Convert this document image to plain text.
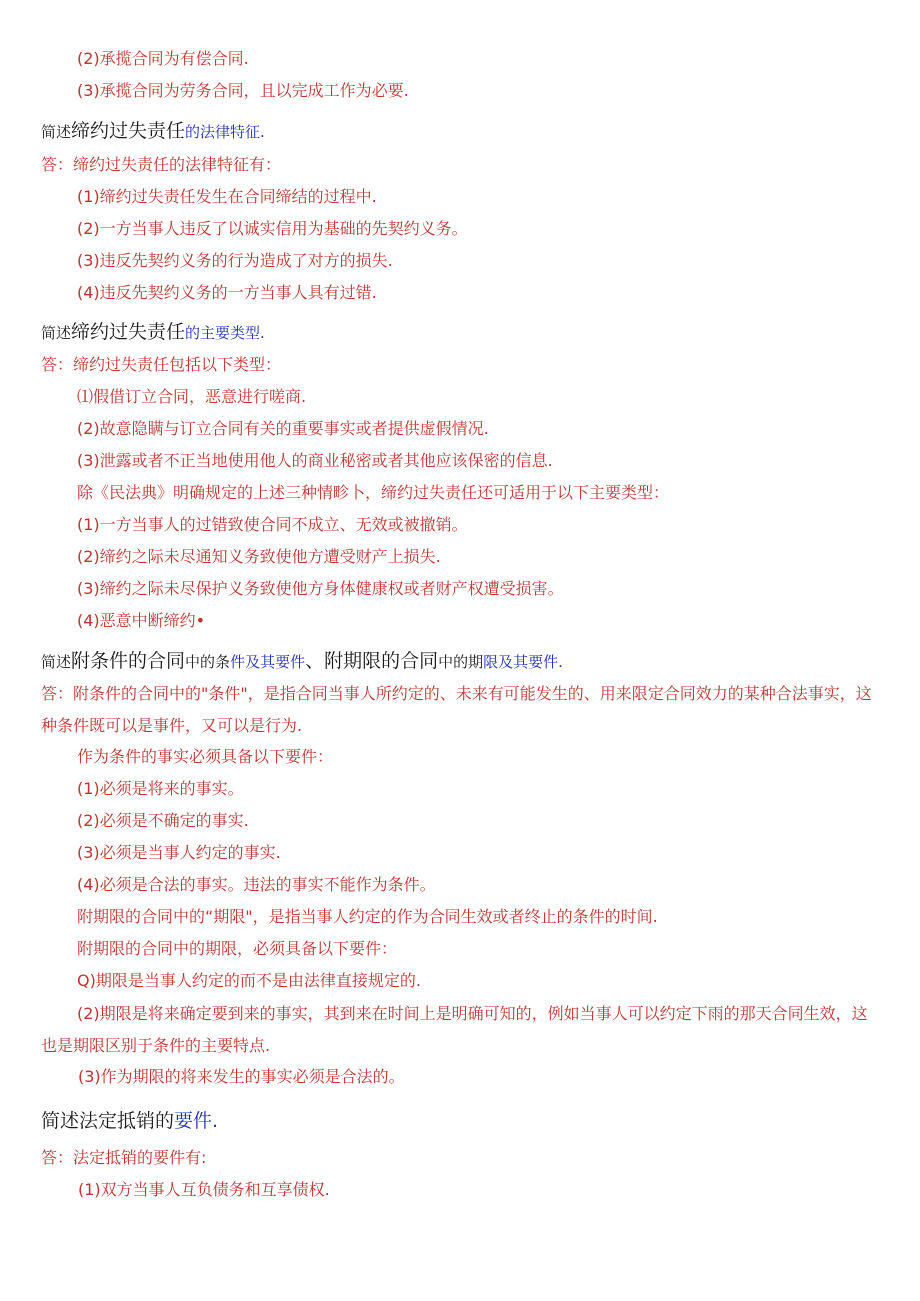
(2)承揽合同为有偿合同.
(3)承揽合同为劳务合同，且以完成工作为必要.
简述缔约过失责任的法律特征.
答：缔约过失责任的法律特征有：
(1)缔约过失责任发生在合同缔结的过程中.
(2)一方当事人违反了以诚实信用为基础的先契约义务。
(3)违反先契约义务的行为造成了对方的损失.
(4)违反先契约义务的一方当事人具有过错.
简述缔约过失责任的主要类型.
答：缔约过失责任包括以下类型：
⑴假借订立合同，恶意进行嗟商.
(2)故意隐瞒与订立合同有关的重要事实或者提供虚假情况.
(3)泄露或者不正当地使用他人的商业秘密或者其他应该保密的信息.
除《民法典》明确规定的上述三种情畛卜，缔约过失责任还可适用于以下主要类型：
(1)一方当事人的过错致使合同不成立、无效或被撤销。
(2)缔约之际未尽通知义务致使他方遭受财产上损失.
(3)缔约之际未尽保护义务致使他方身体健康权或者财产权遭受损害。
(4)恶意中断缔约•
简述附条件的合同中的条件及其要件、附期限的合同中的期限及其要件.
答：附条件的合同中的"条件"，是指合同当事人所约定的、未来有可能发生的、用来限定合同效力的某种合法事实，这种条件既可以是事件，又可以是行为.
作为条件的事实必须具备以下要件：
(1)必须是将来的事实。
(2)必须是不确定的事实.
(3)必须是当事人约定的事实.
(4)必须是合法的事实。违法的事实不能作为条件。
附期限的合同中的“期限"，是指当事人约定的作为合同生效或者终止的条件的时间.
附期限的合同中的期限，必须具备以下要件：
Q)期限是当事人约定的而不是由法律直接规定的.
(2)期限是将来确定要到来的事实，其到来在时间上是明确可知的，例如当事人可以约定下雨的那天合同生效，这也是期限区别于条件的主要特点.
(3)作为期限的将来发生的事实必须是合法的。
简述法定抵销的要件.
答：法定抵销的要件有:
(1)双方当事人互负债务和互享债权.
